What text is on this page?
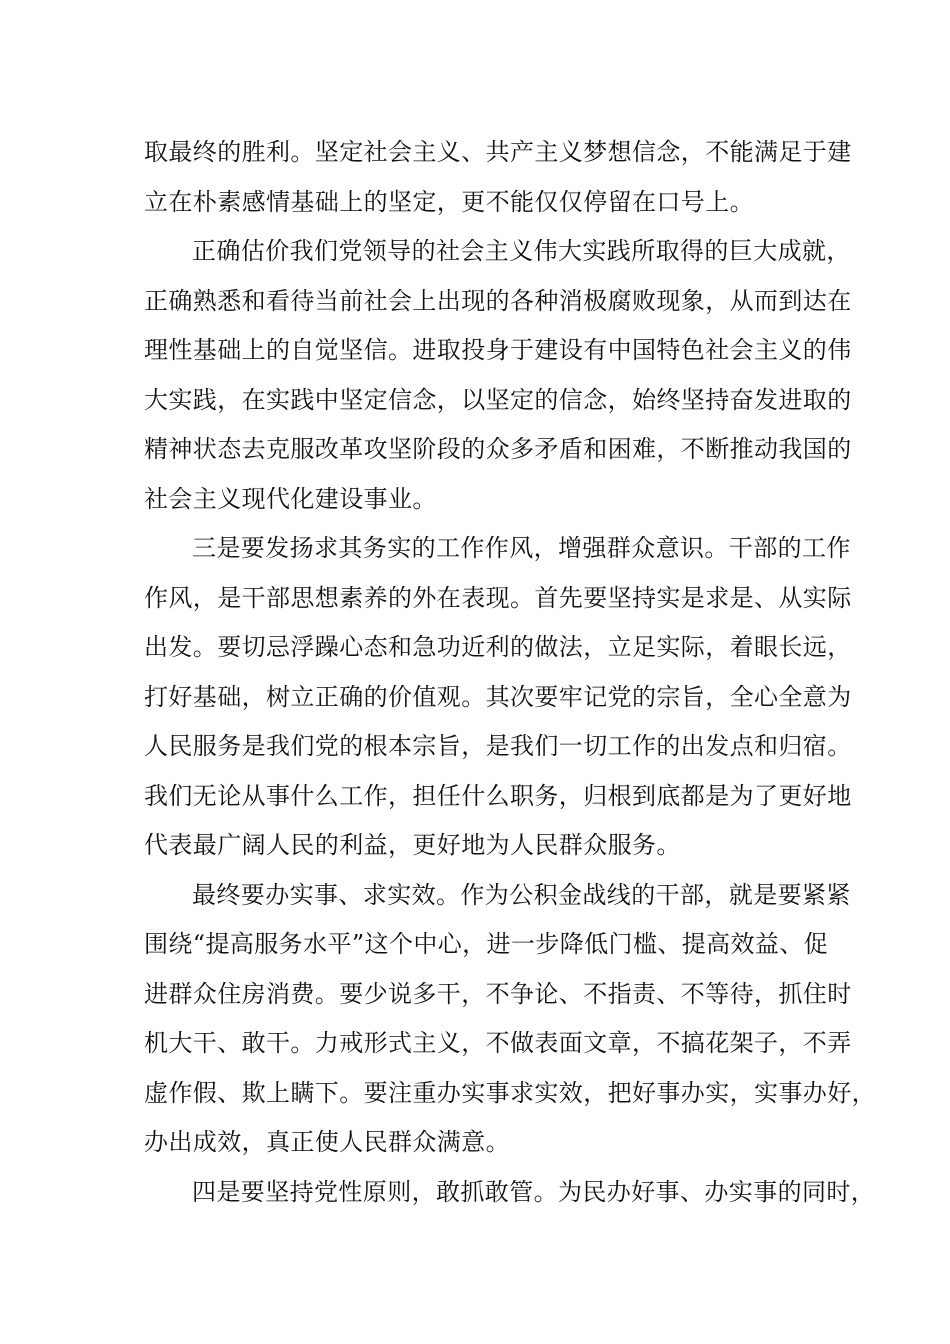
取最终的胜利。坚定社会主义、共产主义梦想信念，不能满足于建
立在朴素感情基础上的坚定，更不能仅仅停留在口号上。
正确估价我们党领导的社会主义伟大实践所取得的巨大成就，
正确熟悉和看待当前社会上出现的各种消极腐败现象，从而到达在
理性基础上的自觉坚信。进取投身于建设有中国特色社会主义的伟
大实践，在实践中坚定信念，以坚定的信念，始终坚持奋发进取的
精神状态去克服改革攻坚阶段的众多矛盾和困难，不断推动我国的
社会主义现代化建设事业。
三是要发扬求其务实的工作作风，增强群众意识。干部的工作
作风，是干部思想素养的外在表现。首先要坚持实是求是、从实际
出发。要切忌浮躁心态和急功近利的做法，立足实际，着眼长远，
打好基础，树立正确的价值观。其次要牢记党的宗旨，全心全意为
人民服务是我们党的根本宗旨，是我们一切工作的出发点和归宿。
我们无论从事什么工作，担任什么职务，归根到底都是为了更好地
代表最广阔人民的利益，更好地为人民群众服务。
最终要办实事、求实效。作为公积金战线的干部，就是要紧紧
围绕“提高服务水平”这个中心，进一步降低门槛、提高效益、促
进群众住房消费。要少说多干，不争论、不指责、不等待，抓住时
机大干、敢干。力戒形式主义，不做表面文章，不搞花架子，不弄
虚作假、欺上瞒下。要注重办实事求实效，把好事办实，实事办好，
办出成效，真正使人民群众满意。
四是要坚持党性原则，敢抓敢管。为民办好事、办实事的同时，
